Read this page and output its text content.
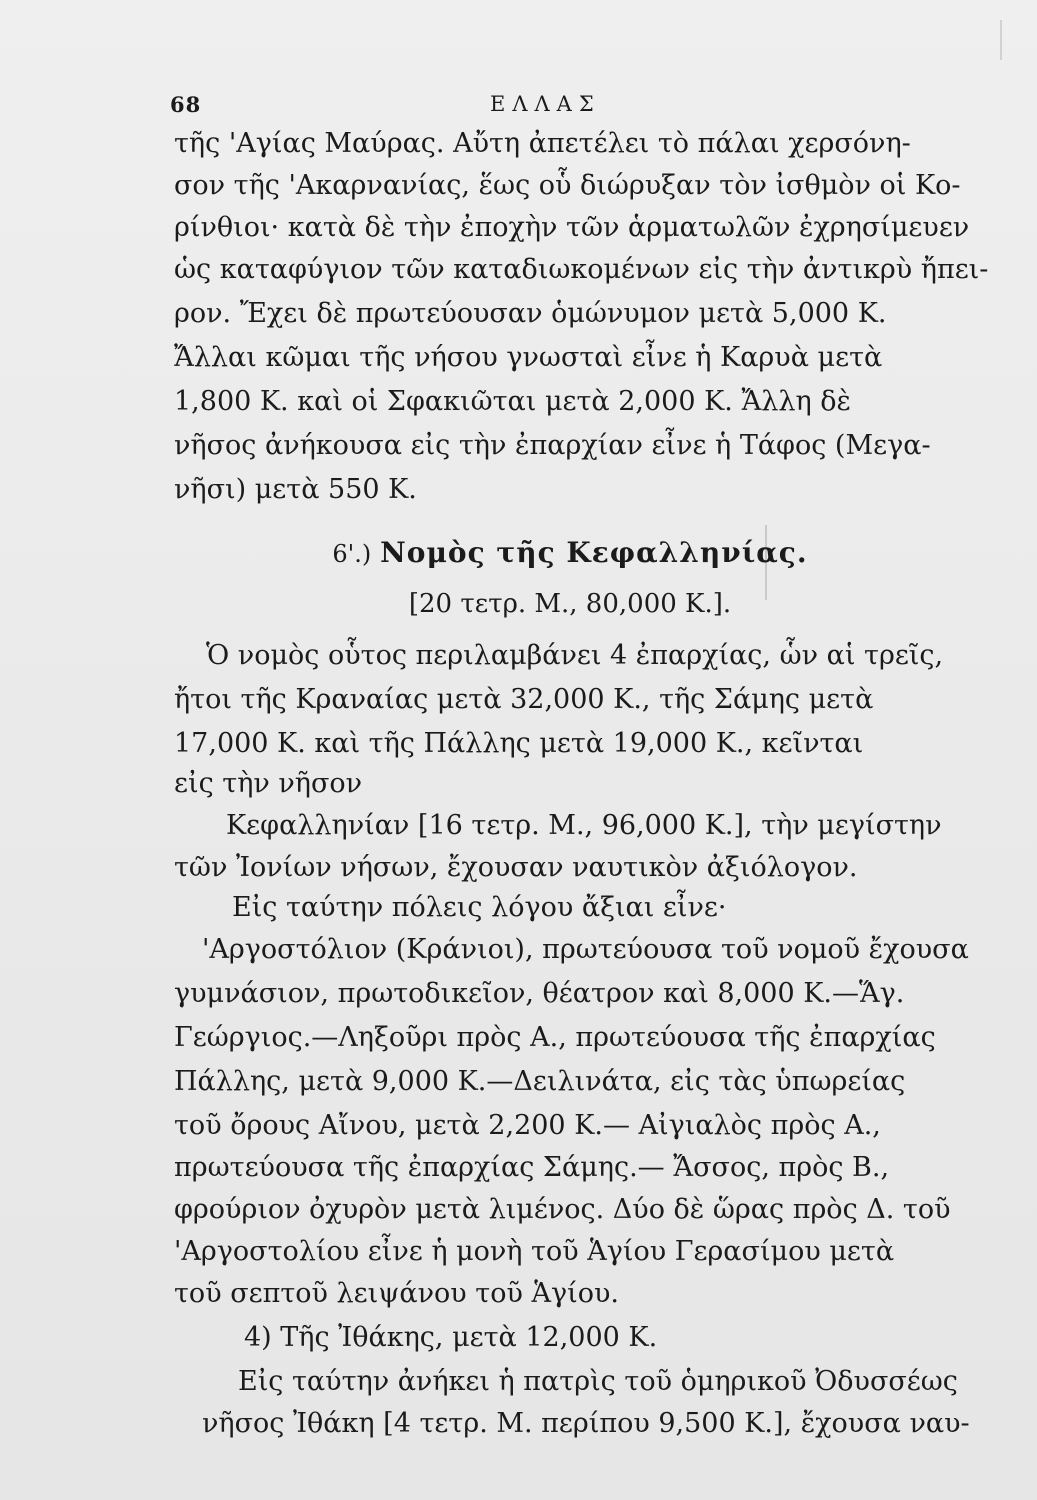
68	ΕΛΛΑΣ
τῆς 'Αγίας Μαύρας. Αὔτη ἀπετέλει τὸ πάλαι χερσόνη-
σον τῆς 'Ακαρνανίας, ἕως οὗ διώρυξαν τὸν ἰσθμὸν οἱ Κο-
ρίνθιοι· κατὰ δὲ τὴν ἐποχὴν τῶν ἁρματωλῶν ἐχρησίμευεν
ὡς καταφύγιον τῶν καταδιωκομένων εἰς τὴν ἀντικρὺ ἤπει-
ρον. Ἔχει δὲ πρωτεύουσαν ὁμώνυμον μετὰ 5,000 Κ.
Ἄλλαι κῶμαι τῆς νήσου γνωσταὶ εἶνε ἡ Καρυὰ μετὰ
1,800 Κ. καὶ οἱ Σφακιῶται μετὰ 2,000 Κ. Ἄλλη δὲ
νῆσος ἀνήκουσα εἰς τὴν ἐπαρχίαν εἶνε ἡ Τάφος (Μεγα-
νῆσι) μετὰ 550 Κ.
6'.) Νομὸς τῆς Κεφαλληνίας.
[20 τετρ. Μ., 80,000 Κ.].
Ὁ νομὸς οὗτος περιλαμβάνει 4 ἐπαρχίας, ὧν αἱ τρεῖς,
ἤτοι τῆς Κραναίας μετὰ 32,000 Κ., τῆς Σάμης μετὰ
17,000 Κ. καὶ τῆς Πάλλης μετὰ 19,000 Κ., κεῖνται
εἰς τὴν νῆσον
Κεφαλληνίαν [16 τετρ. Μ., 96,000 Κ.], τὴν μεγίστην
τῶν Ἰονίων νήσων, ἔχουσαν ναυτικὸν ἀξιόλογον.
Εἰς ταύτην πόλεις λόγου ἄξιαι εἶνε·
'Αργοστόλιον (Κράνιοι), πρωτεύουσα τοῦ νομοῦ ἔχουσα
γυμνάσιον, πρωτοδικεῖον, θέατρον καὶ 8,000 Κ.—Ἅγ.
Γεώργιος.—Ληξοῦρι πρὸς Α., πρωτεύουσα τῆς ἐπαρχίας
Πάλλης, μετὰ 9,000 Κ.—Δειλινάτα, εἰς τὰς ὑπωρείας
τοῦ ὄρους Αἴνου, μετὰ 2,200 Κ.— Αἰγιαλὸς πρὸς Α.,
πρωτεύουσα τῆς ἐπαρχίας Σάμης.— Ἄσσος, πρὸς Β.,
φρούριον ὀχυρὸν μετὰ λιμένος. Δύο δὲ ὥρας πρὸς Δ. τοῦ
'Αργοστολίου εἶνε ἡ μονὴ τοῦ Ἁγίου Γερασίμου μετὰ
τοῦ σεπτοῦ λειψάνου τοῦ Ἁγίου.
4) Τῆς Ἰθάκης, μετὰ 12,000 Κ.
Εἰς ταύτην ἀνήκει ἡ πατρὶς τοῦ ὁμηρικοῦ Ὀδυσσέως
νῆσος Ἰθάκη [4 τετρ. Μ. περίπου 9,500 Κ.], ἔχουσα ναυ-
